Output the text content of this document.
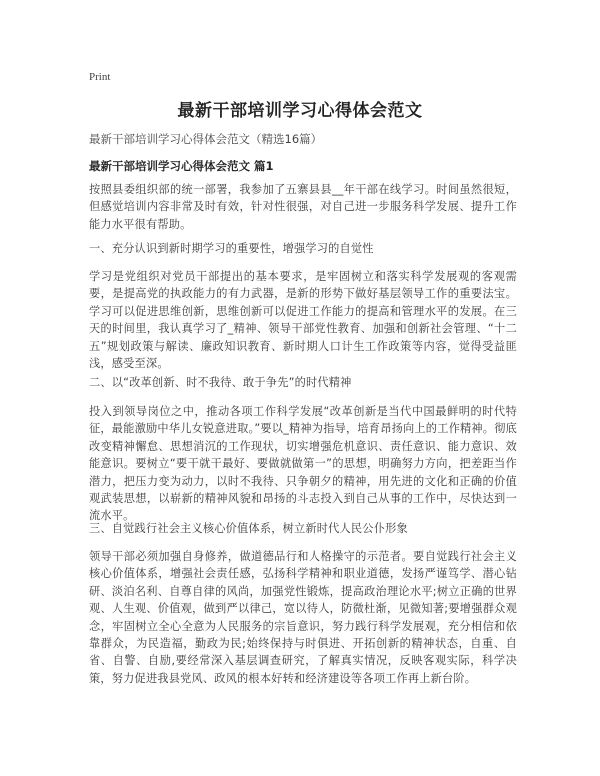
Print
最新干部培训学习心得体会范文
最新干部培训学习心得体会范文（精选16篇）
最新干部培训学习心得体会范文 篇1
按照县委组织部的统一部署，我参加了五寨县县__年干部在线学习。时间虽然很短，但感觉培训内容非常及时有效，针对性很强，对自己进一步服务科学发展、提升工作能力水平很有帮助。
一、充分认识到新时期学习的重要性，增强学习的自觉性
学习是党组织对党员干部提出的基本要求，是牢固树立和落实科学发展观的客观需要，是提高党的执政能力的有力武器，是新的形势下做好基层领导工作的重要法宝。学习可以促进思维创新，思维创新可以促进工作能力的提高和管理水平的发展。在三天的时间里，我认真学习了_精神、领导干部党性教育、加强和创新社会管理、“十二五”规划政策与解读、廉政知识教育、新时期人口计生工作政策等内容，觉得受益匪浅，感受至深。
二、以“改革创新、时不我待、敢于争先”的时代精神
投入到领导岗位之中，推动各项工作科学发展“改革创新是当代中国最鲜明的时代特征，最能激励中华儿女锐意进取。”要以_精神为指导，培育昂扬向上的工作精神。彻底改变精神懈怠、思想消沉的工作现状，切实增强危机意识、责任意识、能力意识、效能意识。要树立“要干就干最好、要做就做第一”的思想，明确努力方向，把差距当作潜力，把压力变为动力，以时不我待、只争朝夕的精神，用先进的文化和正确的价值观武装思想，以崭新的精神风貌和昂扬的斗志投入到自己从事的工作中，尽快达到一流水平。
三、自觉践行社会主义核心价值体系，树立新时代人民公仆形象
领导干部必须加强自身修养，做道德品行和人格操守的示范者。要自觉践行社会主义核心价值体系，增强社会责任感，弘扬科学精神和职业道德，发扬严谨笃学、潜心钻研、淡泊名利、自尊自律的风尚，加强党性锻炼，提高政治理论水平;树立正确的世界观、人生观、价值观，做到严以律己，宽以待人，防微杜渐，见微知著;要增强群众观念，牢固树立全心全意为人民服务的宗旨意识，努力践行科学发展观，充分相信和依靠群众，为民造福，勤政为民;始终保持与时俱进、开拓创新的精神状态，自重、自省、自警、自励,要经常深入基层调查研究，了解真实情况，反映客观实际，科学决策，努力促进我县党风、政风的根本好转和经济建设等各项工作再上新台阶。
